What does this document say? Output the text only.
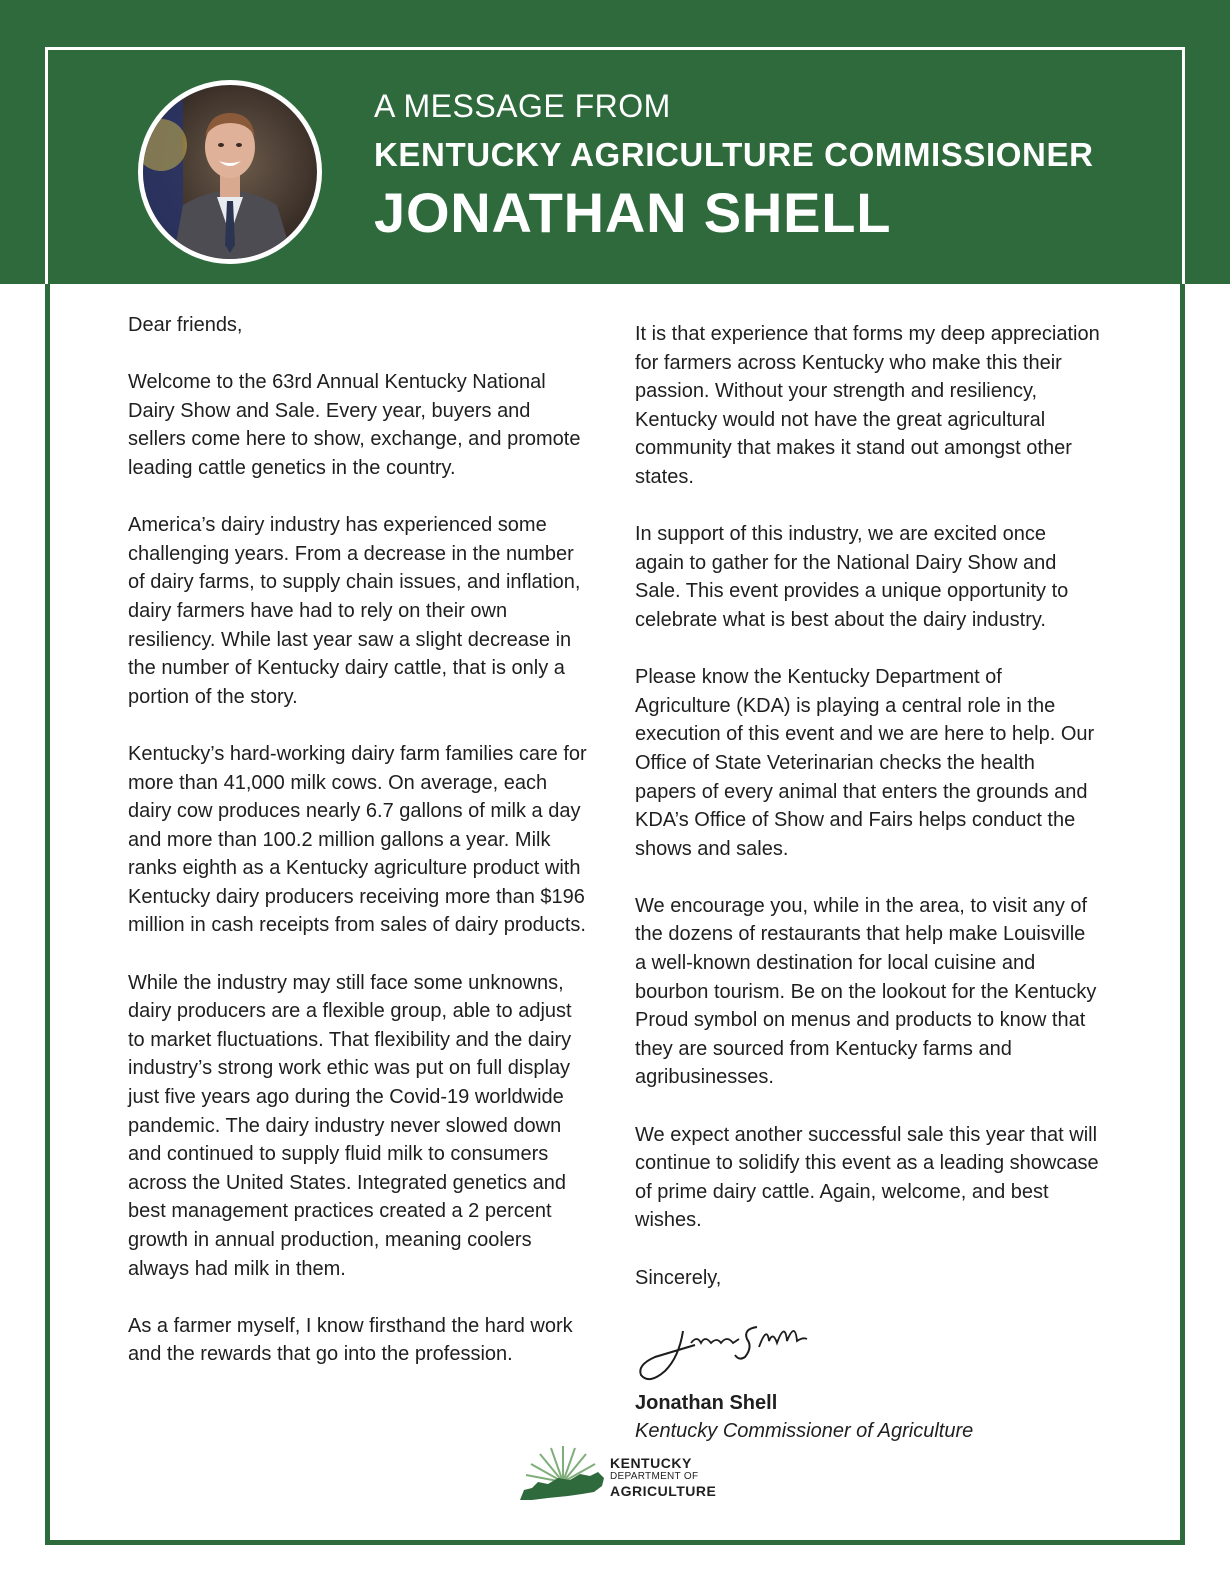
A MESSAGE FROM
KENTUCKY AGRICULTURE COMMISSIONER
JONATHAN SHELL

Dear friends,

Welcome to the 63rd Annual Kentucky National Dairy Show and Sale. Every year, buyers and sellers come here to show, exchange, and promote leading cattle genetics in the country.

America’s dairy industry has experienced some challenging years. From a decrease in the number of dairy farms, to supply chain issues, and inflation, dairy farmers have had to rely on their own resiliency. While last year saw a slight decrease in the number of Kentucky dairy cattle, that is only a portion of the story.

Kentucky’s hard-working dairy farm families care for more than 41,000 milk cows. On average, each dairy cow produces nearly 6.7 gallons of milk a day and more than 100.2 million gallons a year. Milk ranks eighth as a Kentucky agriculture product with Kentucky dairy producers receiving more than $196 million in cash receipts from sales of dairy products.

While the industry may still face some unknowns, dairy producers are a flexible group, able to adjust to market fluctuations. That flexibility and the dairy industry’s strong work ethic was put on full display just five years ago during the Covid-19 worldwide pandemic. The dairy industry never slowed down and continued to supply fluid milk to consumers across the United States. Integrated genetics and best management practices created a 2 percent growth in annual production, meaning coolers always had milk in them.

As a farmer myself, I know firsthand the hard work and the rewards that go into the profession.

It is that experience that forms my deep appreciation for farmers across Kentucky who make this their passion. Without your strength and resiliency, Kentucky would not have the great agricultural community that makes it stand out amongst other states.

In support of this industry, we are excited once again to gather for the National Dairy Show and Sale. This event provides a unique opportunity to celebrate what is best about the dairy industry.

Please know the Kentucky Department of Agriculture (KDA) is playing a central role in the execution of this event and we are here to help. Our Office of State Veterinarian checks the health papers of every animal that enters the grounds and KDA’s Office of Show and Fairs helps conduct the shows and sales.

We encourage you, while in the area, to visit any of the dozens of restaurants that help make Louisville a well-known destination for local cuisine and bourbon tourism. Be on the lookout for the Kentucky Proud symbol on menus and products to know that they are sourced from Kentucky farms and agribusinesses.

We expect another successful sale this year that will continue to solidify this event as a leading showcase of prime dairy cattle. Again, welcome, and best wishes.

Sincerely,

Jonathan Shell
Kentucky Commissioner of Agriculture
KENTUCKY
DEPARTMENT OF
AGRICULTURE
